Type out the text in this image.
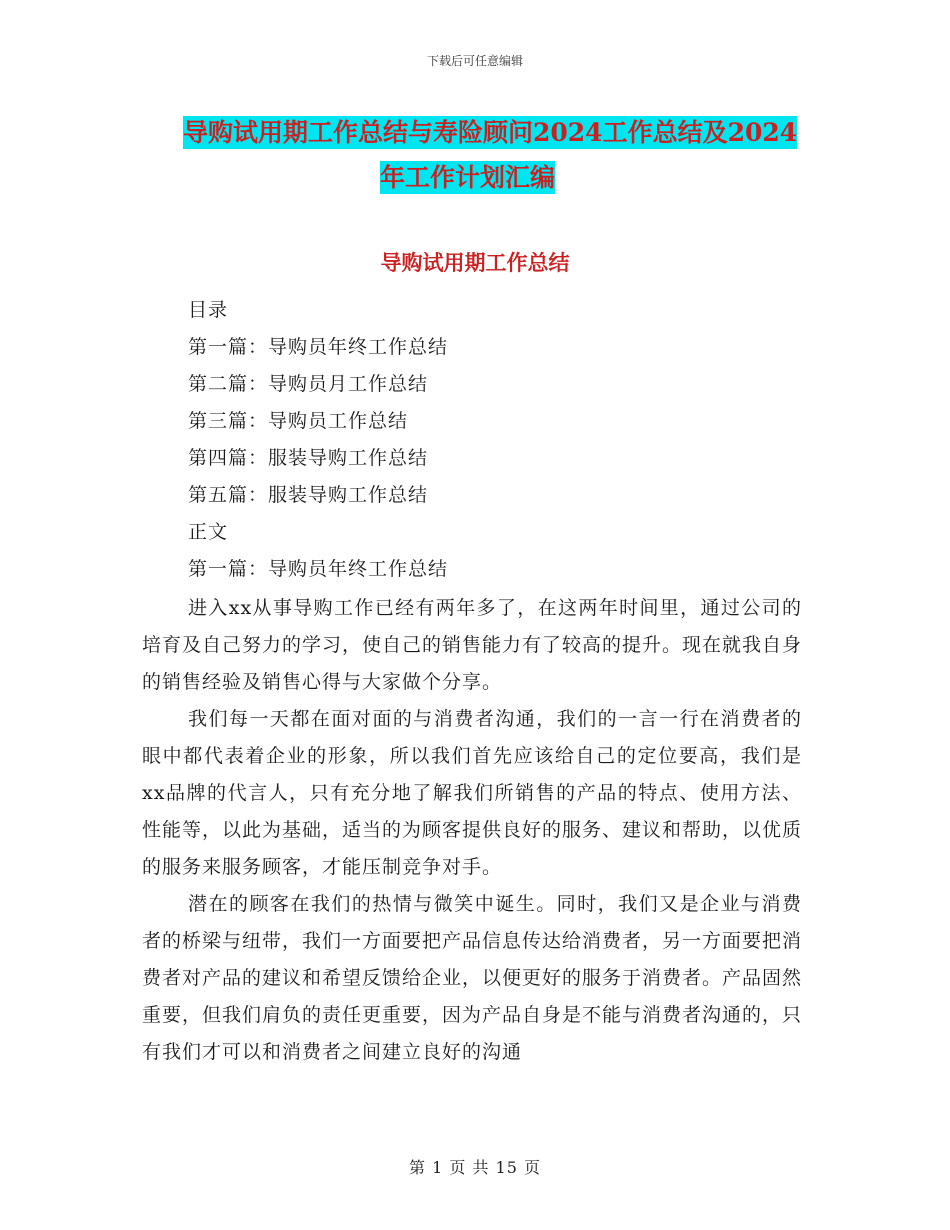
下载后可任意编辑
导购试用期工作总结与寿险顾问2024工作总结及2024
年工作计划汇编
导购试用期工作总结
目录
第一篇：导购员年终工作总结
第二篇：导购员月工作总结
第三篇：导购员工作总结
第四篇：服装导购工作总结
第五篇：服装导购工作总结
正文
第一篇：导购员年终工作总结

进入xx从事导购工作已经有两年多了，在这两年时间里，通过公司的培育及自己努力的学习，使自己的销售能力有了较高的提升。现在就我自身的销售经验及销售心得与大家做个分享。

我们每一天都在面对面的与消费者沟通，我们的一言一行在消费者的眼中都代表着企业的形象，所以我们首先应该给自己的定位要高，我们是xx品牌的代言人，只有充分地了解我们所销售的产品的特点、使用方法、性能等，以此为基础，适当的为顾客提供良好的服务、建议和帮助，以优质的服务来服务顾客，才能压制竞争对手。

潜在的顾客在我们的热情与微笑中诞生。同时，我们又是企业与消费者的桥梁与纽带，我们一方面要把产品信息传达给消费者，另一方面要把消费者对产品的建议和希望反馈给企业，以便更好的服务于消费者。产品固然重要，但我们肩负的责任更重要，因为产品自身是不能与消费者沟通的，只有我们才可以和消费者之间建立良好的沟通

第 1 页 共 15 页
